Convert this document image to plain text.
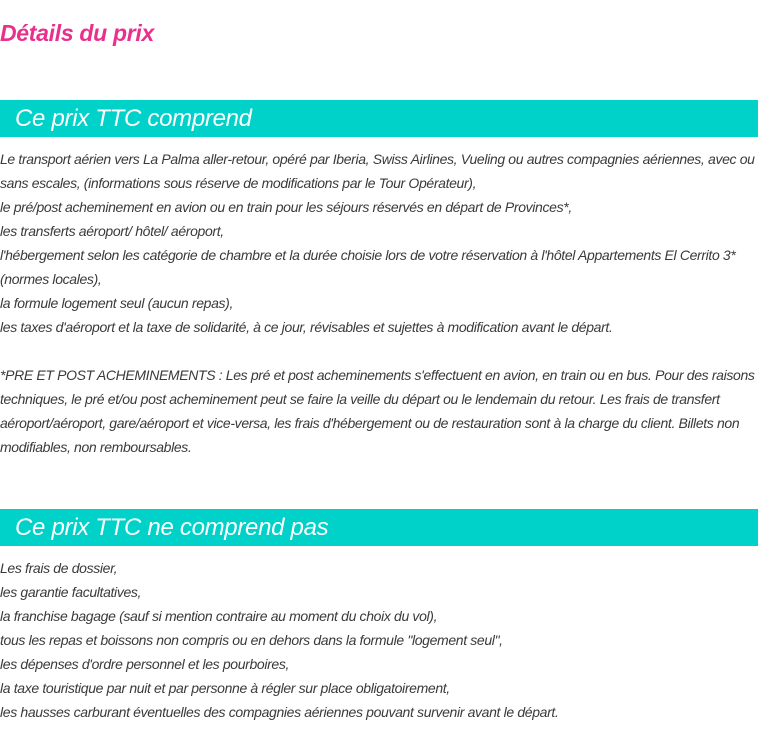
Détails du prix
Ce prix TTC comprend

Le transport aérien vers La Palma aller-retour, opéré par Iberia, Swiss Airlines, Vueling ou autres compagnies aériennes, avec ou sans escales, (informations sous réserve de modifications par le Tour Opérateur),

le pré/post acheminement en avion ou en train pour les séjours réservés en départ de Provinces*,

les transferts aéroport/ hôtel/ aéroport,

l'hébergement selon les catégorie de chambre et la durée choisie lors de votre réservation à l'hôtel Appartements El Cerrito 3* (normes locales),

la formule logement seul (aucun repas),

les taxes d'aéroport et la taxe de solidarité, à ce jour, révisables et sujettes à modification avant le départ.

*PRE ET POST ACHEMINEMENTS : Les pré et post acheminements s'effectuent en avion, en train ou en bus. Pour des raisons techniques, le pré et/ou post acheminement peut se faire la veille du départ ou le lendemain du retour. Les frais de transfert aéroport/aéroport, gare/aéroport et vice-versa, les frais d'hébergement ou de restauration sont à la charge du client. Billets non modifiables, non remboursables.

Ce prix TTC ne comprend pas

Les frais de dossier,

les garantie facultatives,

la franchise bagage (sauf si mention contraire au moment du choix du vol),

tous les repas et boissons non compris ou en dehors dans la formule "logement seul",

les dépenses d'ordre personnel et les pourboires,

la taxe touristique par nuit et par personne à régler sur place obligatoirement,

les hausses carburant éventuelles des compagnies aériennes pouvant survenir avant le départ.
